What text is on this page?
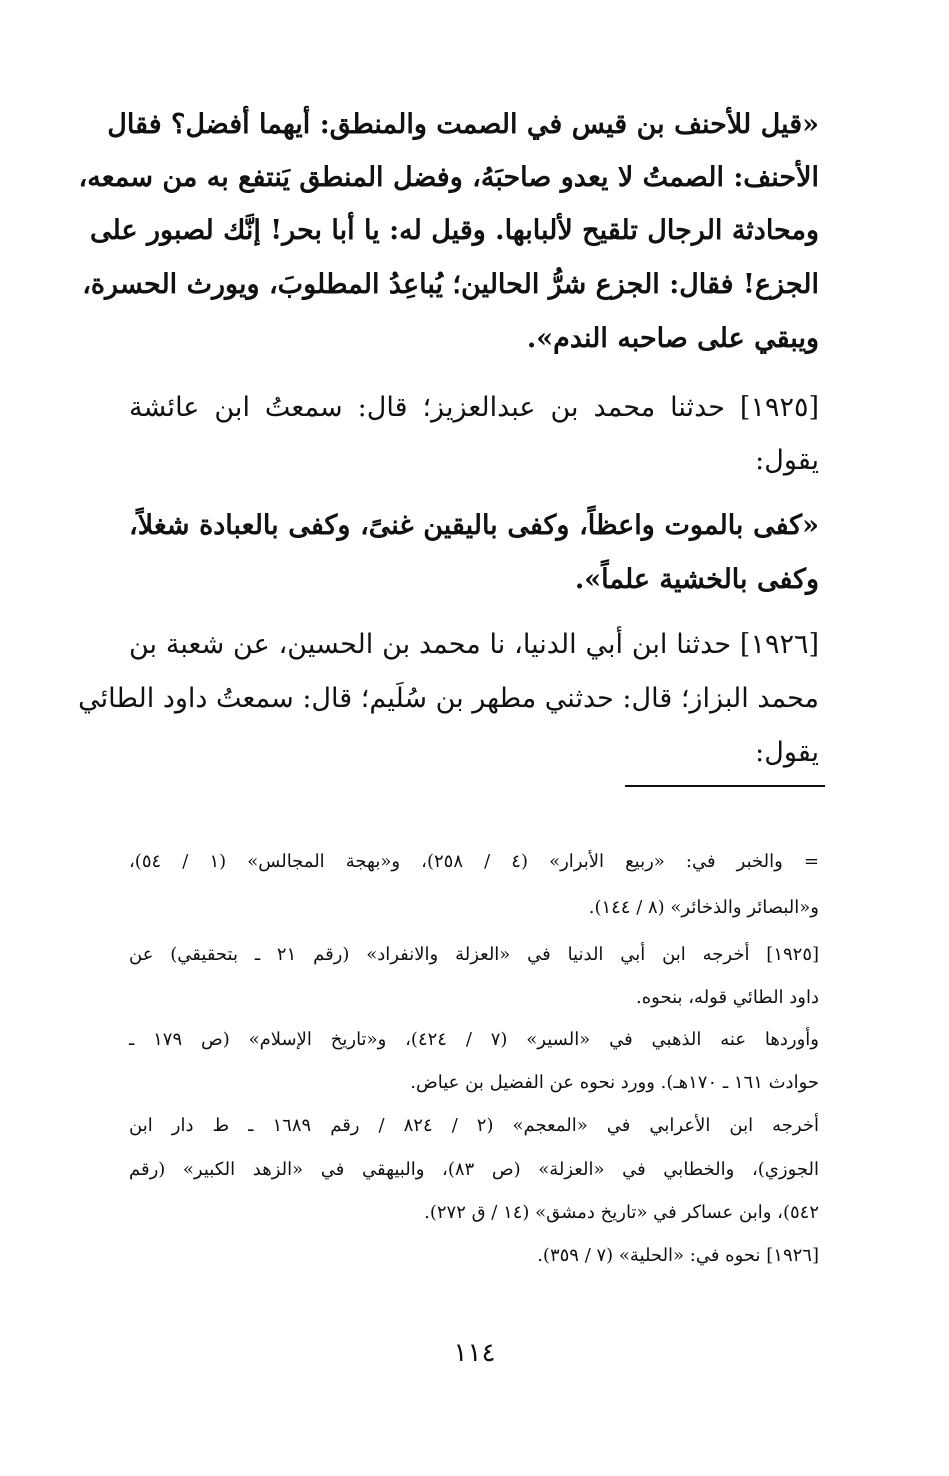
«قيل للأحنف بن قيس في الصمت والمنطق: أيهما أفضل؟ فقال
الأحنف: الصمتُ لا يعدو صاحبَهُ، وفضل المنطق يَنتفع به من سمعه،
ومحادثة الرجال تلقيح لألبابها. وقيل له: يا أبا بحر! إنَّك لصبور على
الجزع! فقال: الجزع شرُّ الحالين؛ يُباعِدُ المطلوبَ، ويورث الحسرة،
ويبقي على صاحبه الندم».
[١٩٢٥] حدثنا محمد بن عبدالعزيز؛ قال: سمعتُ ابن عائشة
يقول:
«كفى بالموت واعظاً، وكفى باليقين غنىً، وكفى بالعبادة شغلاً،
وكفى بالخشية علماً».
[١٩٢٦] حدثنا ابن أبي الدنيا، نا محمد بن الحسين، عن شعبة بن
محمد البزاز؛ قال: حدثني مطهر بن سُلَيم؛ قال: سمعتُ داود الطائي
يقول:
= والخبر في: «ربيع الأبرار» (٤ / ٢٥٨)، و«بهجة المجالس» (١ / ٥٤)،
و«البصائر والذخائر» (٨ / ١٤٤).
[١٩٢٥] أخرجه ابن أبي الدنيا في «العزلة والانفراد» (رقم ٢١ ـ بتحقيقي) عن
داود الطائي قوله، بنحوه.
وأوردها عنه الذهبي في «السير» (٧ / ٤٢٤)، و«تاريخ الإسلام» (ص ١٧٩ ـ
حوادث ١٦١ ـ ١٧٠هـ). وورد نحوه عن الفضيل بن عياض.
أخرجه ابن الأعرابي في «المعجم» (٢ / ٨٢٤ / رقم ١٦٨٩ ـ ط دار ابن
الجوزي)، والخطابي في «العزلة» (ص ٨٣)، والبيهقي في «الزهد الكبير» (رقم
٥٤٢)، وابن عساكر في «تاريخ دمشق» (١٤ / ق ٢٧٢).
[١٩٢٦] نحوه في: «الحلية» (٧ / ٣٥٩).
١١٤
